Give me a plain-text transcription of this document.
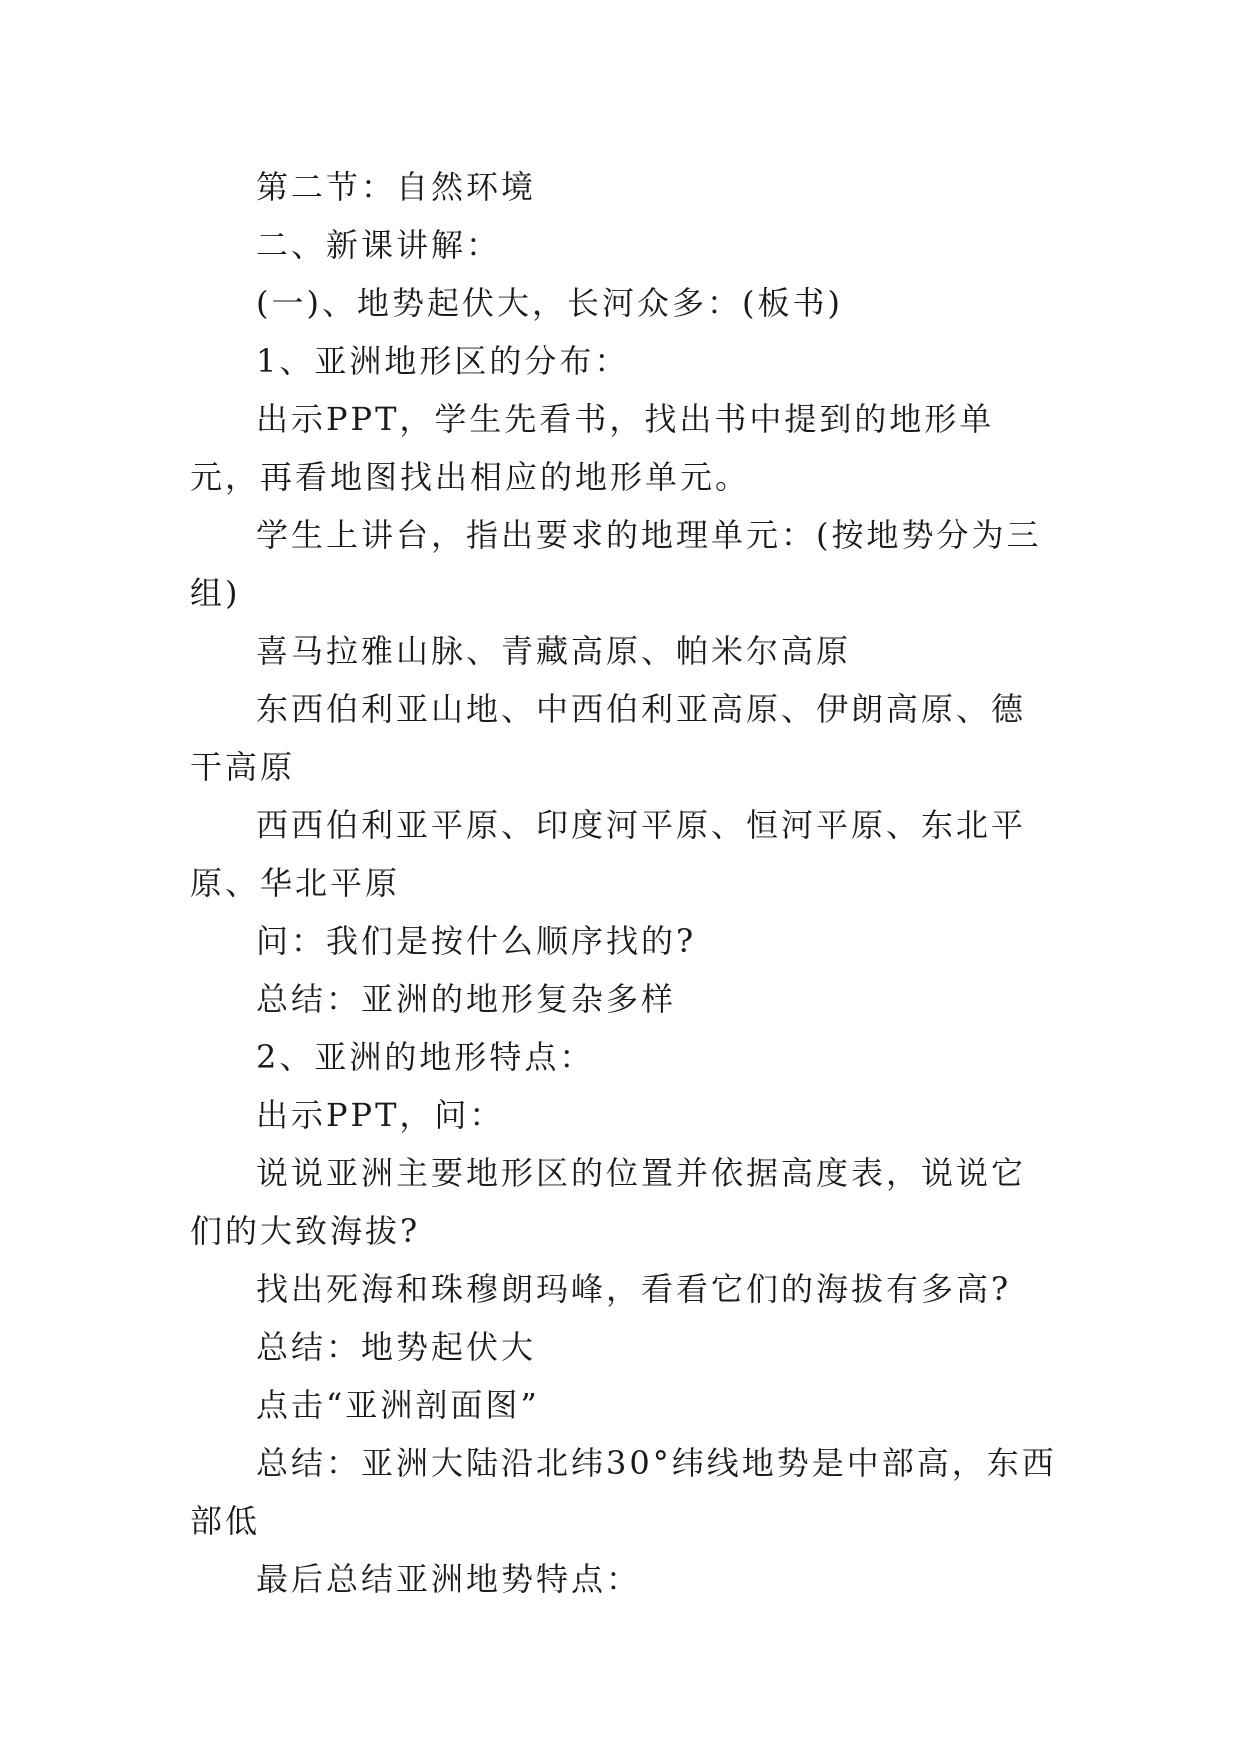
第二节：自然环境

二、新课讲解：

(一)、地势起伏大，长河众多：(板书)

1、亚洲地形区的分布：

出示PPT，学生先看书，找出书中提到的地形单元，再看地图找出相应的地形单元。

学生上讲台，指出要求的地理单元：(按地势分为三组)

喜马拉雅山脉、青藏高原、帕米尔高原

东西伯利亚山地、中西伯利亚高原、伊朗高原、德干高原

西西伯利亚平原、印度河平原、恒河平原、东北平原、华北平原

问：我们是按什么顺序找的?

总结：亚洲的地形复杂多样

2、亚洲的地形特点：

出示PPT，问：

说说亚洲主要地形区的位置并依据高度表，说说它们的大致海拔?

找出死海和珠穆朗玛峰，看看它们的海拔有多高?

总结：地势起伏大

点击“亚洲剖面图”

总结：亚洲大陆沿北纬30°纬线地势是中部高，东西部低

最后总结亚洲地势特点：
